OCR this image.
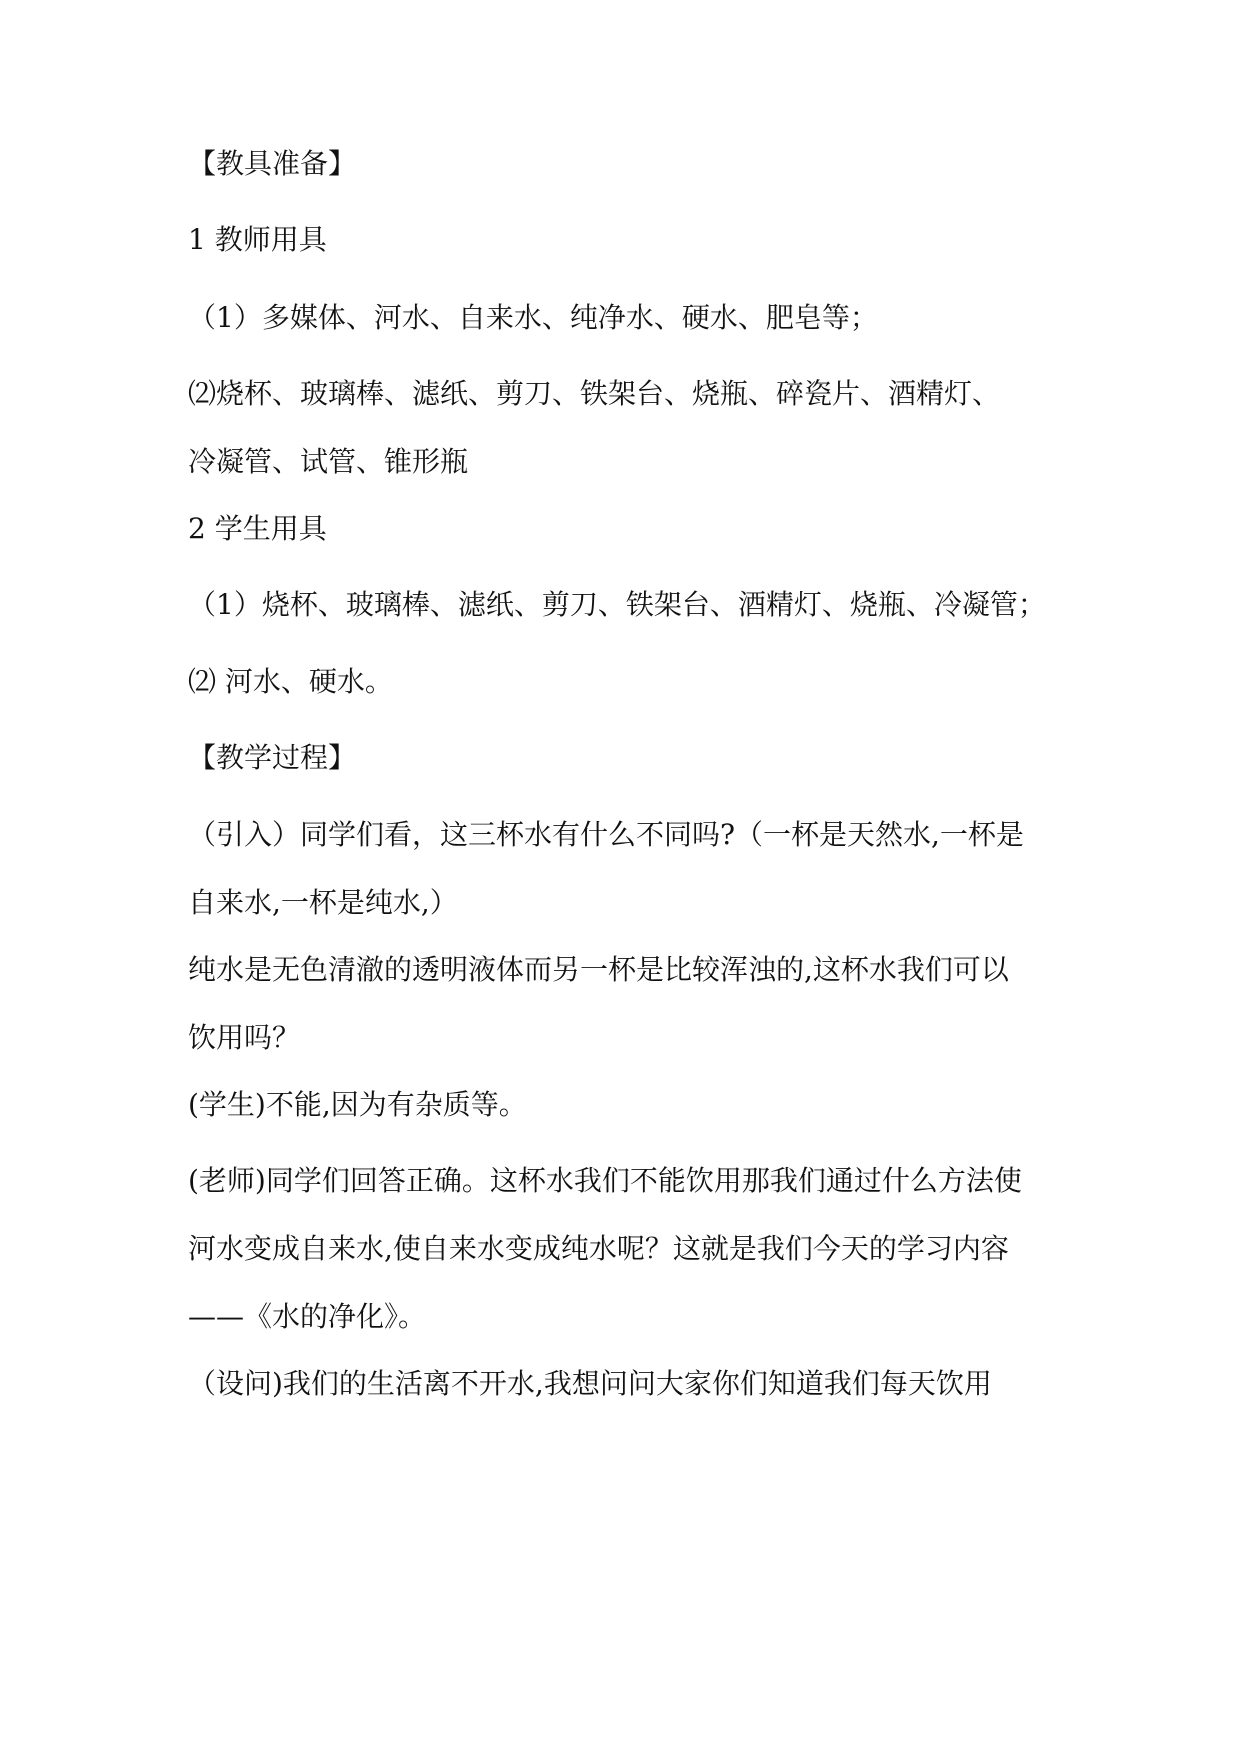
【教具准备】

1 教师用具

（1）多媒体、河水、自来水、纯净水、硬水、肥皂等；

⑵烧杯、玻璃棒、滤纸、剪刀、铁架台、烧瓶、碎瓷片、酒精灯、
冷凝管、试管、锥形瓶

2 学生用具

（1）烧杯、玻璃棒、滤纸、剪刀、铁架台、酒精灯、烧瓶、冷凝管；

⑵ 河水、硬水。

【教学过程】

（引入）同学们看，这三杯水有什么不同吗?（一杯是天然水,一杯是
自来水,一杯是纯水,）
纯水是无色清澈的透明液体而另一杯是比较浑浊的,这杯水我们可以
饮用吗？

(学生)不能,因为有杂质等。

(老师)同学们回答正确。这杯水我们不能饮用那我们通过什么方法使
河水变成自来水,使自来水变成纯水呢？这就是我们今天的学习内容
——《水的净化》。

（设问)我们的生活离不开水,我想问问大家你们知道我们每天饮用
